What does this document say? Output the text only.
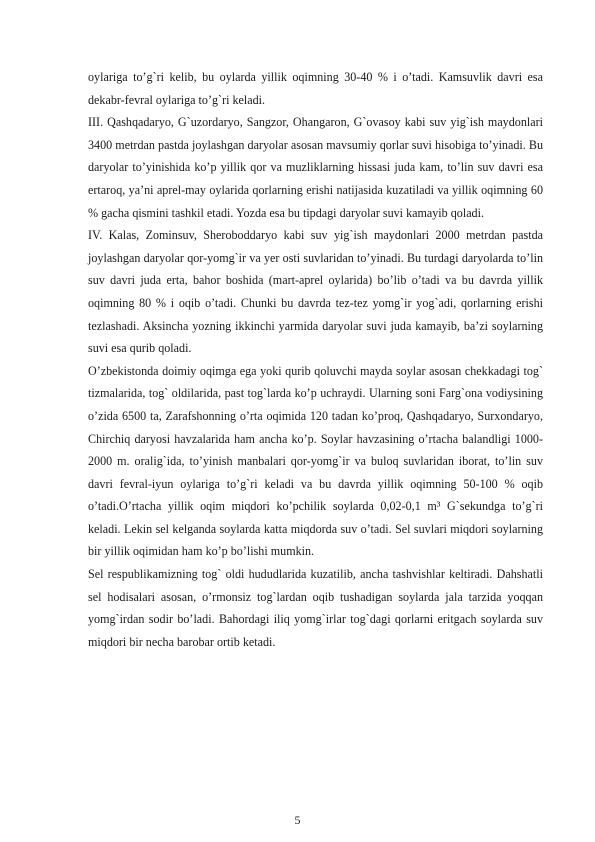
oylariga to’g`ri kelib, bu oylarda yillik oqimning 30-40 % i o’tadi. Kamsuvlik davri esa dekabr-fevral oylariga to’g`ri keladi.

III. Qashqadaryo, G`uzordaryo, Sangzor, Ohangaron, G`ovasoy kabi suv yig`ish maydonlari 3400 metrdan pastda joylashgan daryolar asosan mavsumiy qorlar suvi hisobiga to’yinadi. Bu daryolar to’yinishida ko’p yillik qor va muzliklarning hissasi juda kam, to’lin suv davri esa ertaroq, ya’ni aprel-may oylarida qorlarning erishi natijasida kuzatiladi va yillik oqimning 60 % gacha qismini tashkil etadi. Yozda esa bu tipdagi daryolar suvi kamayib qoladi.

IV. Kalas, Zominsuv, Sheroboddaryo kabi suv yig`ish maydonlari 2000 metrdan pastda joylashgan daryolar qor-yomg`ir va yer osti suvlaridan to’yinadi. Bu turdagi daryolarda to’lin suv davri juda erta, bahor boshida (mart-aprel oylarida) bo’lib o’tadi va bu davrda yillik oqimning 80 % i oqib o’tadi. Chunki bu davrda tez-tez yomg`ir yog`adi, qorlarning erishi tezlashadi. Aksincha yozning ikkinchi yarmida daryolar suvi juda kamayib, ba’zi soylarning suvi esa qurib qoladi.

O’zbekistonda doimiy oqimga ega yoki qurib qoluvchi mayda soylar asosan chekkadagi tog` tizmalarida, tog` oldilarida, past tog`larda ko’p uchraydi. Ularning soni Farg`ona vodiysining o’zida 6500 ta, Zarafshonning o’rta oqimida 120 tadan ko’proq, Qashqadaryo, Surxondaryo, Chirchiq daryosi havzalarida ham ancha ko’p. Soylar havzasining o’rtacha balandligi 1000-2000 m. oralig`ida, to’yinish manbalari qor-yomg`ir va buloq suvlaridan iborat, to’lin suv davri fevral-iyun oylariga to’g`ri keladi va bu davrda yillik oqimning 50-100 % oqib o’tadi.O’rtacha yillik oqim miqdori ko’pchilik soylarda 0,02-0,1 m³ G`sekundga to’g`ri keladi. Lekin sel kelganda soylarda katta miqdorda suv o’tadi. Sel suvlari miqdori soylarning bir yillik oqimidan ham ko’p bo’lishi mumkin.

Sel respublikamizning tog` oldi hududlarida kuzatilib, ancha tashvishlar keltiradi. Dahshatli sel hodisalari asosan, o’rmonsiz tog`lardan oqib tushadigan soylarda jala tarzida yoqqan yomg`irdan sodir bo’ladi. Bahordagi iliq yomg`irlar tog`dagi qorlarni eritgach soylarda suv miqdori bir necha barobar ortib ketadi.

5
